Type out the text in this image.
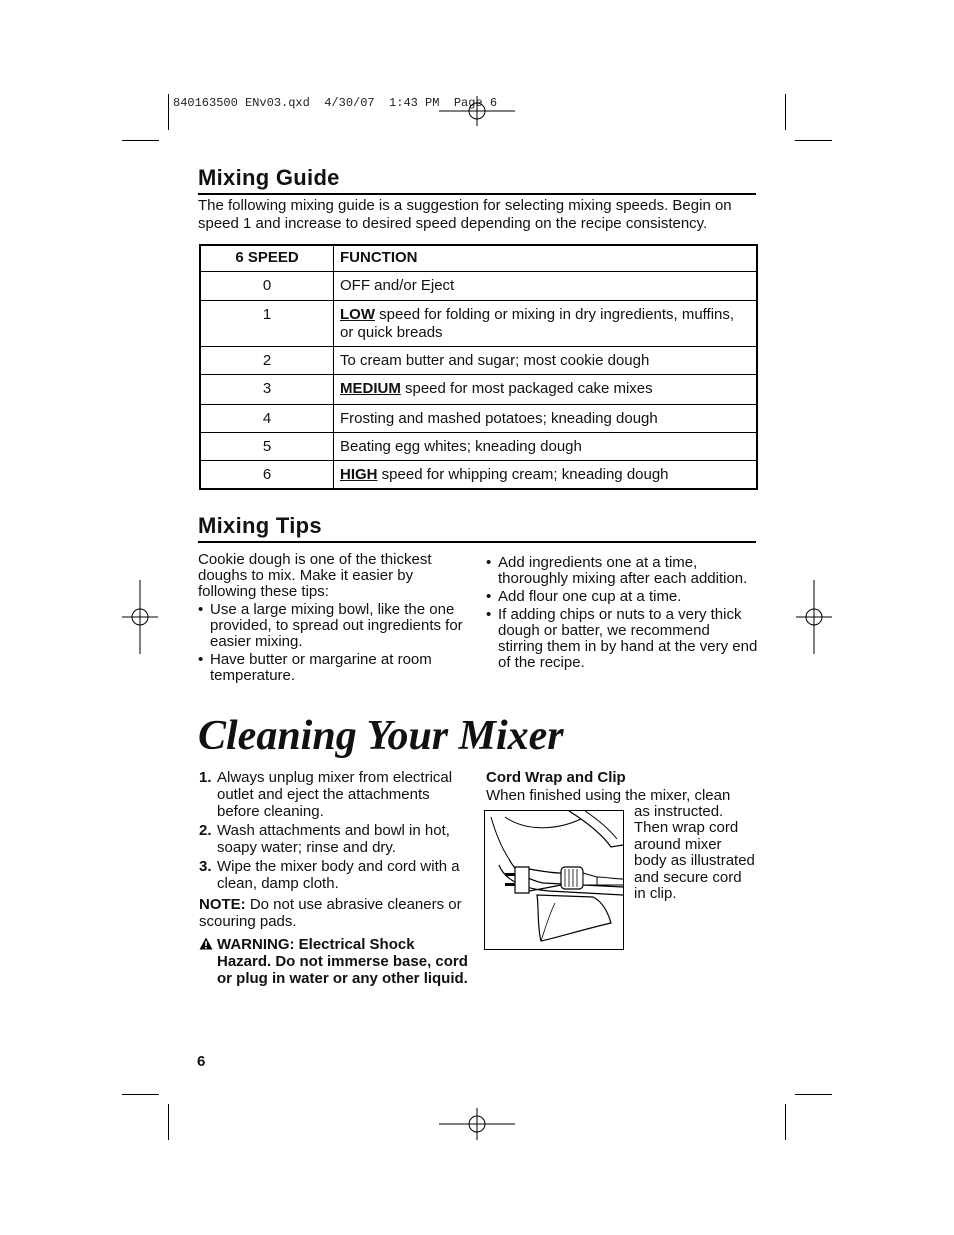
840163500 ENv03.qxd  4/30/07  1:43 PM  Page 6
Mixing Guide
The following mixing guide is a suggestion for selecting mixing speeds. Begin on speed 1 and increase to desired speed depending on the recipe consistency.
6 SPEED	FUNCTION
0	OFF and/or Eject
1	LOW speed for folding or mixing in dry ingredients, muffins, or quick breads
2	To cream butter and sugar; most cookie dough
3	MEDIUM speed for most packaged cake mixes
4	Frosting and mashed potatoes; kneading dough
5	Beating egg whites; kneading dough
6	HIGH speed for whipping cream; kneading dough
Mixing Tips
Cookie dough is one of the thickest doughs to mix. Make it easier by following these tips:
• Use a large mixing bowl, like the one provided, to spread out ingredients for easier mixing.
• Have butter or margarine at room temperature.
• Add ingredients one at a time, thoroughly mixing after each addition.
• Add flour one cup at a time.
• If adding chips or nuts to a very thick dough or batter, we recommend stirring them in by hand at the very end of the recipe.
Cleaning Your Mixer
1. Always unplug mixer from electrical outlet and eject the attachments before cleaning.
2. Wash attachments and bowl in hot, soapy water; rinse and dry.
3. Wipe the mixer body and cord with a clean, damp cloth.
NOTE: Do not use abrasive cleaners or scouring pads.
WARNING: Electrical Shock Hazard. Do not immerse base, cord or plug in water or any other liquid.
Cord Wrap and Clip
When finished using the mixer, clean
as instructed.
Then wrap cord
around mixer
body as illustrated
and secure cord
in clip.
6
